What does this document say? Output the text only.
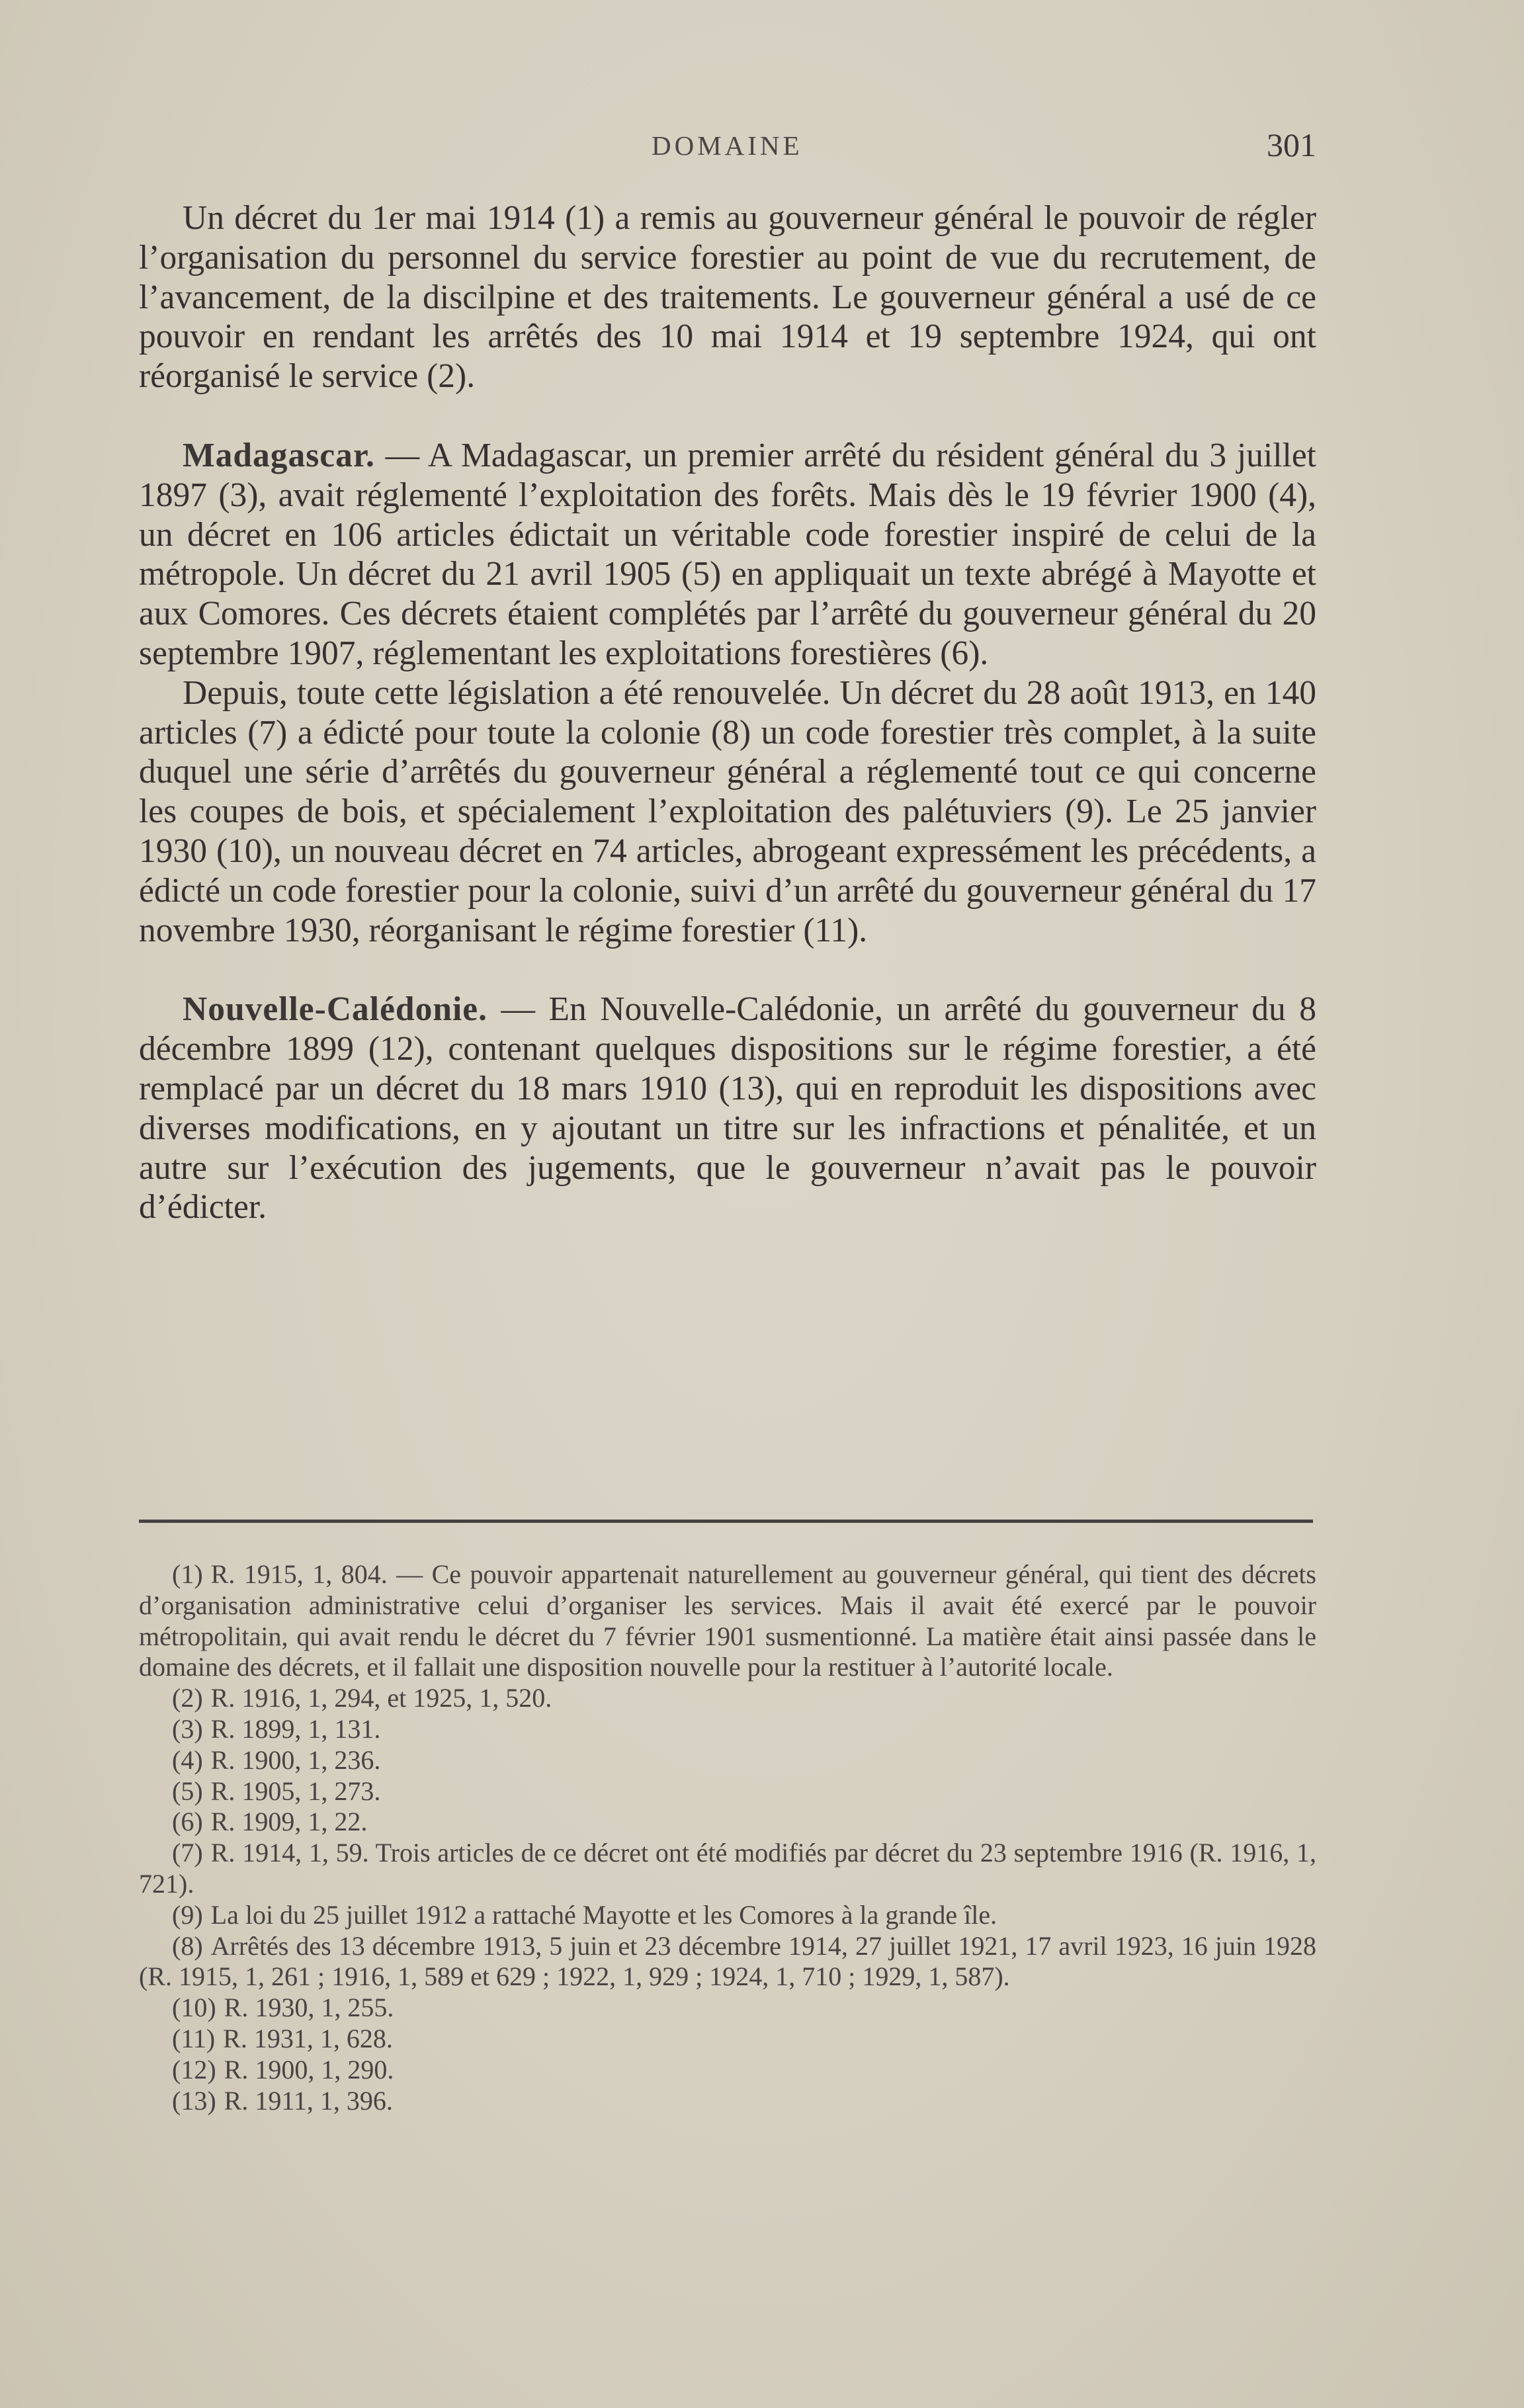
DOMAINE	301

Un décret du 1er mai 1914 (1) a remis au gouverneur général le pouvoir de régler l’organisation du personnel du service forestier au point de vue du recrutement, de l’avancement, de la discilpine et des traitements. Le gouverneur général a usé de ce pouvoir en rendant les arrêtés des 10 mai 1914 et 19 septembre 1924, qui ont réorganisé le service (2).

Madagascar. — A Madagascar, un premier arrêté du résident général du 3 juillet 1897 (3), avait réglementé l’exploitation des forêts. Mais dès le 19 février 1900 (4), un décret en 106 articles édictait un véritable code forestier inspiré de celui de la métropole. Un décret du 21 avril 1905 (5) en appliquait un texte abrégé à Mayotte et aux Comores. Ces décrets étaient complétés par l’arrêté du gouverneur général du 20 septembre 1907, réglementant les exploitations forestières (6).

Depuis, toute cette législation a été renouvelée. Un décret du 28 août 1913, en 140 articles (7) a édicté pour toute la colonie (8) un code forestier très complet, à la suite duquel une série d’arrêtés du gouverneur général a réglementé tout ce qui concerne les coupes de bois, et spécialement l’exploitation des palétuviers (9). Le 25 janvier 1930 (10), un nouveau décret en 74 articles, abrogeant expressément les précédents, a édicté un code forestier pour la colonie, suivi d’un arrêté du gouverneur général du 17 novembre 1930, réorganisant le régime forestier (11).

Nouvelle-Calédonie. — En Nouvelle-Calédonie, un arrêté du gouverneur du 8 décembre 1899 (12), contenant quelques dispositions sur le régime forestier, a été remplacé par un décret du 18 mars 1910 (13), qui en reproduit les dispositions avec diverses modifications, en y ajoutant un titre sur les infractions et pénalitée, et un autre sur l’exécution des jugements, que le gouverneur n’avait pas le pouvoir d’édicter.

(1) R. 1915, 1, 804. — Ce pouvoir appartenait naturellement au gouverneur général, qui tient des décrets d’organisation administrative celui d’organiser les services. Mais il avait été exercé par le pouvoir métropolitain, qui avait rendu le décret du 7 février 1901 susmentionné. La matière était ainsi passée dans le domaine des décrets, et il fallait une disposition nouvelle pour la restituer à l’autorité locale.

(2) R. 1916, 1, 294, et 1925, 1, 520.

(3) R. 1899, 1, 131.

(4) R. 1900, 1, 236.

(5) R. 1905, 1, 273.

(6) R. 1909, 1, 22.

(7) R. 1914, 1, 59. Trois articles de ce décret ont été modifiés par décret du 23 septembre 1916 (R. 1916, 1, 721).

(9) La loi du 25 juillet 1912 a rattaché Mayotte et les Comores à la grande île.

(8) Arrêtés des 13 décembre 1913, 5 juin et 23 décembre 1914, 27 juillet 1921, 17 avril 1923, 16 juin 1928 (R. 1915, 1, 261 ; 1916, 1, 589 et 629 ; 1922, 1, 929 ; 1924, 1, 710 ; 1929, 1, 587).

(10) R. 1930, 1, 255.

(11) R. 1931, 1, 628.

(12) R. 1900, 1, 290.

(13) R. 1911, 1, 396.
